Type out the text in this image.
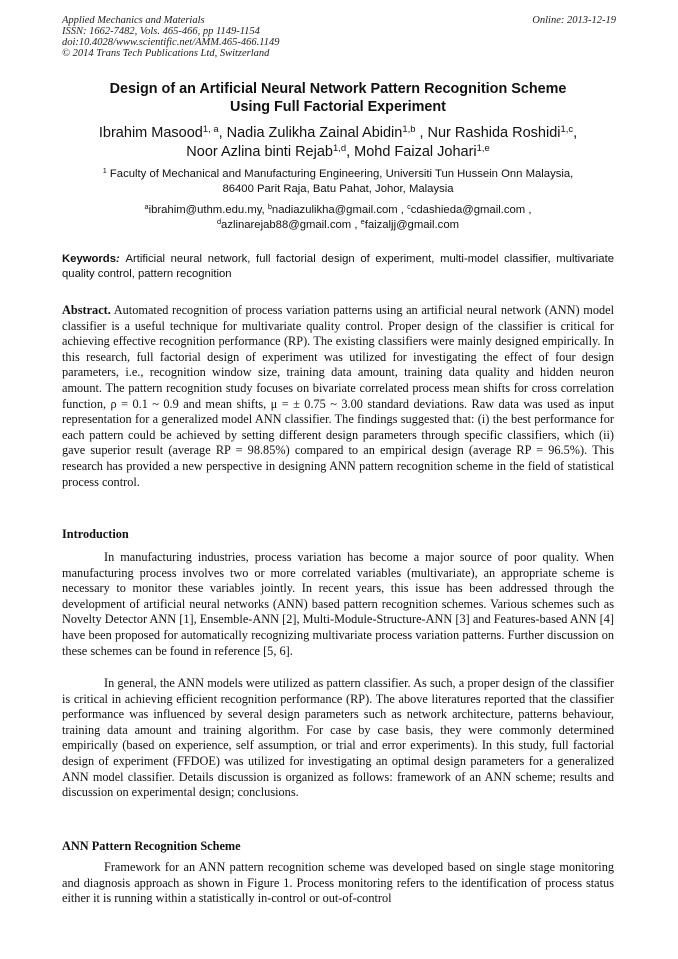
Applied Mechanics and Materials
ISSN: 1662-7482, Vols. 465-466, pp 1149-1154
doi:10.4028/www.scientific.net/AMM.465-466.1149
© 2014 Trans Tech Publications Ltd, Switzerland
Online: 2013-12-19
Design of an Artificial Neural Network Pattern Recognition Scheme
Using Full Factorial Experiment
Ibrahim Masood$^{1, a}$, Nadia Zulikha Zainal Abidin$^{1,b}$ , Nur Rashida Roshidi$^{1,c}$,
Noor Azlina binti Rejab$^{1,d}$, Mohd Faizal Johari$^{1,e}$
$^1$ Faculty of Mechanical and Manufacturing Engineering, Universiti Tun Hussein Onn Malaysia,
86400 Parit Raja, Batu Pahat, Johor, Malaysia
$^a$ibrahim@uthm.edu.my, $^b$nadiazulikha@gmail.com , $^c$cdashieda@gmail.com ,
$^d$azlinarejab88@gmail.com , $^e$faizaljj@gmail.com
Keywords: Artificial neural network, full factorial design of experiment, multi-model classifier, multivariate quality control, pattern recognition
Abstract. Automated recognition of process variation patterns using an artificial neural network (ANN) model classifier is a useful technique for multivariate quality control. Proper design of the classifier is critical for achieving effective recognition performance (RP). The existing classifiers were mainly designed empirically. In this research, full factorial design of experiment was utilized for investigating the effect of four design parameters, i.e., recognition window size, training data amount, training data quality and hidden neuron amount. The pattern recognition study focuses on bivariate correlated process mean shifts for cross correlation function, ρ = 0.1 ~ 0.9 and mean shifts, μ = ± 0.75 ~ 3.00 standard deviations. Raw data was used as input representation for a generalized model ANN classifier. The findings suggested that: (i) the best performance for each pattern could be achieved by setting different design parameters through specific classifiers, which (ii) gave superior result (average RP = 98.85%) compared to an empirical design (average RP = 96.5%). This research has provided a new perspective in designing ANN pattern recognition scheme in the field of statistical process control.
Introduction

In manufacturing industries, process variation has become a major source of poor quality. When manufacturing process involves two or more correlated variables (multivariate), an appropriate scheme is necessary to monitor these variables jointly. In recent years, this issue has been addressed through the development of artificial neural networks (ANN) based pattern recognition schemes. Various schemes such as Novelty Detector ANN [1], Ensemble-ANN [2], Multi-Module-Structure-ANN [3] and Features-based ANN [4] have been proposed for automatically recognizing multivariate process variation patterns. Further discussion on these schemes can be found in reference [5, 6].

In general, the ANN models were utilized as pattern classifier. As such, a proper design of the classifier is critical in achieving efficient recognition performance (RP). The above literatures reported that the classifier performance was influenced by several design parameters such as network architecture, patterns behaviour, training data amount and training algorithm. For case by case basis, they were commonly determined empirically (based on experience, self assumption, or trial and error experiments). In this study, full factorial design of experiment (FFDOE) was utilized for investigating an optimal design parameters for a generalized ANN model classifier. Details discussion is organized as follows: framework of an ANN scheme; results and discussion on experimental design; conclusions.

ANN Pattern Recognition Scheme

Framework for an ANN pattern recognition scheme was developed based on single stage monitoring and diagnosis approach as shown in Figure 1. Process monitoring refers to the identification of process status either it is running within a statistically in-control or out-of-control
